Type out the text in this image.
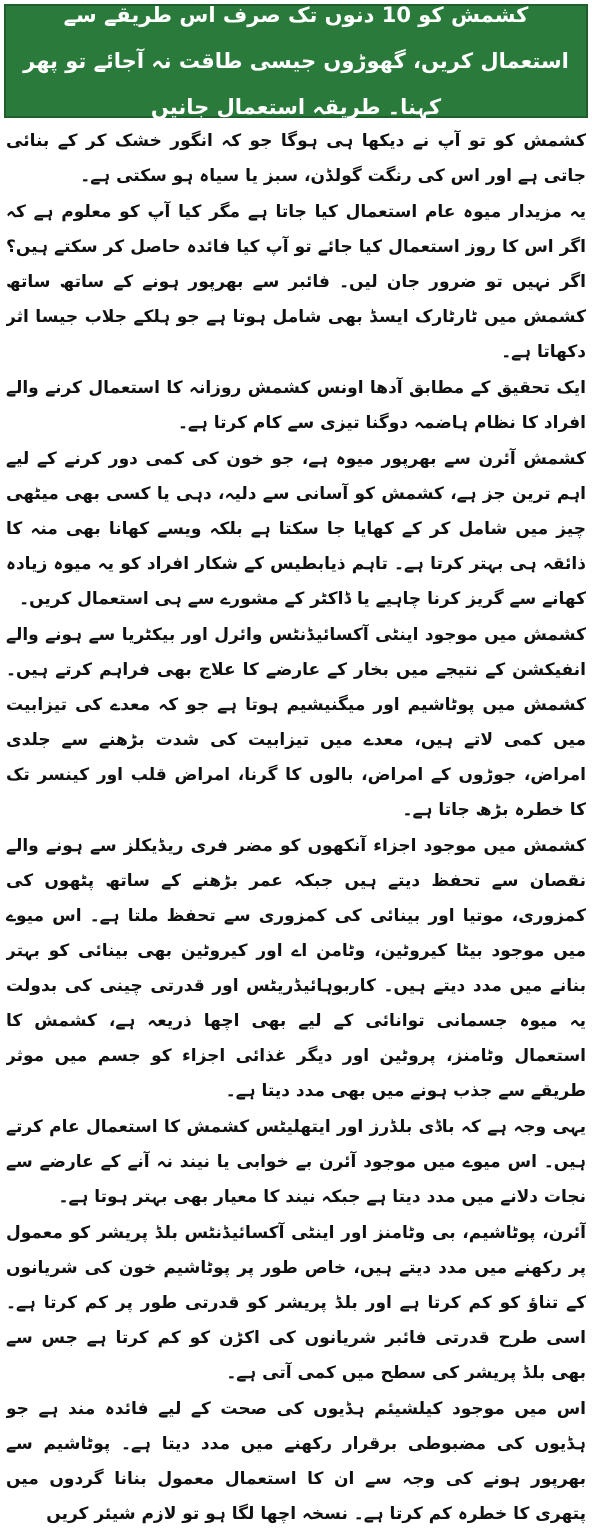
کشمش کو 10 دنوں تک صرف اس طریقے سے استعمال کریں، گھوڑوں جیسی طاقت نہ آجائے تو پھر کہنا۔ طریقہ استعمال جانیں

کشمش کو تو آپ نے دیکھا ہی ہوگا جو کہ انگور خشک کر کے بنائی جاتی ہے اور اس کی رنگت گولڈن، سبز یا سیاہ ہو سکتی ہے۔

یہ مزیدار میوہ عام استعمال کیا جاتا ہے مگر کیا آپ کو معلوم ہے کہ اگر اس کا روز استعمال کیا جائے تو آپ کیا فائدہ حاصل کر سکتے ہیں؟ اگر نہیں تو ضرور جان لیں۔ فائبر سے بھرپور ہونے کے ساتھ ساتھ کشمش میں ٹارٹارک ایسڈ بھی شامل ہوتا ہے جو ہلکے جلاب جیسا اثر دکھاتا ہے۔

ایک تحقیق کے مطابق آدھا اونس کشمش روزانہ کا استعمال کرنے والے افراد کا نظام ہاضمہ دوگنا تیزی سے کام کرتا ہے۔

کشمش آئرن سے بھرپور میوہ ہے، جو خون کی کمی دور کرنے کے لیے اہم ترین جز ہے، کشمش کو آسانی سے دلیہ، دہی یا کسی بھی میٹھی چیز میں شامل کر کے کھایا جا سکتا ہے بلکہ ویسے کھانا بھی منہ کا ذائقہ ہی بہتر کرتا ہے۔ تاہم ذیابطیس کے شکار افراد کو یہ میوہ زیادہ کھانے سے گریز کرنا چاہیے یا ڈاکٹر کے مشورے سے ہی استعمال کریں۔

کشمش میں موجود اینٹی آکسائیڈنٹس وائرل اور بیکٹریا سے ہونے والے انفیکشن کے نتیجے میں بخار کے عارضے کا علاج بھی فراہم کرتے ہیں۔ کشمش میں پوٹاشیم اور میگنیشیم ہوتا ہے جو کہ معدے کی تیزابیت میں کمی لاتے ہیں، معدے میں تیزابیت کی شدت بڑھنے سے جلدی امراض، جوڑوں کے امراض، بالوں کا گرنا، امراض قلب اور کینسر تک کا خطرہ بڑھ جاتا ہے۔

کشمش میں موجود اجزاء آنکھوں کو مضر فری ریڈیکلز سے ہونے والے نقصان سے تحفظ دیتے ہیں جبکہ عمر بڑھنے کے ساتھ پٹھوں کی کمزوری، موتیا اور بینائی کی کمزوری سے تحفظ ملتا ہے۔ اس میوے میں موجود بیٹا کیروٹین، وٹامن اے اور کیروٹین بھی بینائی کو بہتر بنانے میں مدد دیتے ہیں۔ کاربوہائیڈریٹس اور قدرتی چینی کی بدولت یہ میوہ جسمانی توانائی کے لیے بھی اچھا ذریعہ ہے، کشمش کا استعمال وٹامنز، پروٹین اور دیگر غذائی اجزاء کو جسم میں موثر طریقے سے جذب ہونے میں بھی مدد دیتا ہے۔

یہی وجہ ہے کہ باڈی بلڈرز اور ایتھلیٹس کشمش کا استعمال عام کرتے ہیں۔ اس میوے میں موجود آئرن بے خوابی یا نیند نہ آنے کے عارضے سے نجات دلانے میں مدد دیتا ہے جبکہ نیند کا معیار بھی بہتر ہوتا ہے۔

آئرن، پوٹاشیم، بی وٹامنز اور اینٹی آکسائیڈنٹس بلڈ پریشر کو معمول پر رکھنے میں مدد دیتے ہیں، خاص طور پر پوٹاشیم خون کی شریانوں کے تناؤ کو کم کرتا ہے اور بلڈ پریشر کو قدرتی طور پر کم کرتا ہے۔ اسی طرح قدرتی فائبر شریانوں کی اکڑن کو کم کرتا ہے جس سے بھی بلڈ پریشر کی سطح میں کمی آتی ہے۔

اس میں موجود کیلشیئم ہڈیوں کی صحت کے لیے فائدہ مند ہے جو ہڈیوں کی مضبوطی برقرار رکھنے میں مدد دیتا ہے۔ پوٹاشیم سے بھرپور ہونے کی وجہ سے ان کا استعمال معمول بنانا گردوں میں پتھری کا خطرہ کم کرتا ہے۔ نسخہ اچھا لگا ہو تو لازم شیئر کریں
